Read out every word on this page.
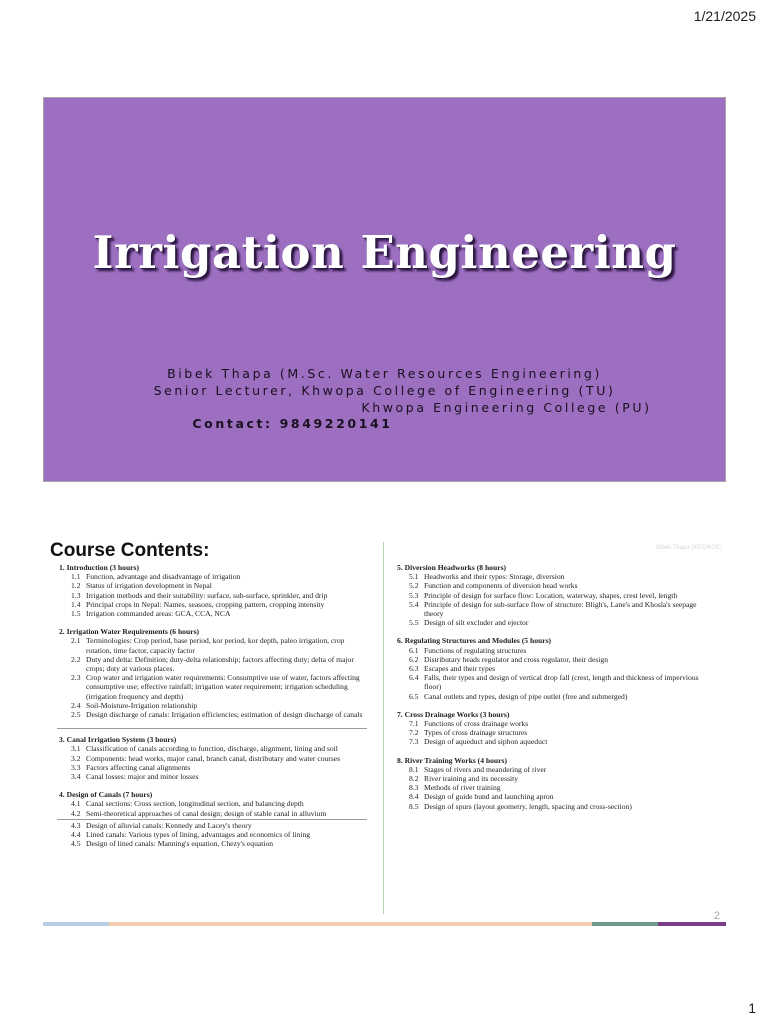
1/21/2025
Irrigation Engineering
Bibek Thapa (M.Sc. Water Resources Engineering)
Senior Lecturer, Khwopa College of Engineering (TU)
Khwopa Engineering College (PU)
Contact: 9849220141
Course Contents:	Bibek Thapa (KEC/KOE)
1. Introduction (3 hours)
1.1 Function, advantage and disadvantage of irrigation
1.2 Status of irrigation development in Nepal
1.3 Irrigation methods and their suitability: surface, sub-surface, sprinkler, and drip
1.4 Principal crops in Nepal: Names, seasons, cropping pattern, cropping intensity
1.5 Irrigation commanded areas: GCA, CCA, NCA
2. Irrigation Water Requirements (6 hours)
2.1 Terminologies: Crop period, base period, kor period, kor depth, paleo irrigation, crop rotation, time factor, capacity factor
2.2 Duty and delta: Definition; duty-delta relationship; factors affecting duty; delta of major crops; duty at various places.
2.3 Crop water and irrigation water requirements: Consumptive use of water, factors affecting consumptive use; effective rainfall; irrigation water requirement; irrigation scheduling (irrigation frequency and depth)
2.4 Soil-Moisture-Irrigation relationship
2.5 Design discharge of canals: Irrigation efficiencies; estimation of design discharge of canals
3. Canal Irrigation System (3 hours)
3.1 Classification of canals according to function, discharge, alignment, lining and soil
3.2 Components: head works, major canal, branch canal, distributary and water courses
3.3 Factors affecting canal alignments
3.4 Canal losses: major and minor losses
4. Design of Canals (7 hours)
4.1 Canal sections: Cross section, longitudinal section, and balancing depth
4.2 Semi-theoretical approaches of canal design; design of stable canal in alluvium
4.3 Design of alluvial canals: Kennedy and Lacey's theory
4.4 Lined canals: Various types of lining, advantages and economics of lining
4.5 Design of lined canals: Manning's equation, Chezy's equation
5. Diversion Headworks (8 hours)
5.1 Headworks and their types: Storage, diversion
5.2 Function and components of diversion head works
5.3 Principle of design for surface flow: Location, waterway, shapes, crest level, length
5.4 Principle of design for sub-surface flow of structure: Bligh's, Lane's and Khosla's seepage theory
5.5 Design of silt excluder and ejector
6. Regulating Structures and Modules (5 hours)
6.1 Functions of regulating structures
6.2 Distributary heads regulator and cross regulator, their design
6.3 Escapes and their types
6.4 Falls, their types and design of vertical drop fall (crest, length and thickness of impervious floor)
6.5 Canal outlets and types, design of pipe outlet (free and submerged)
7. Cross Drainage Works (3 hours)
7.1 Functions of cross drainage works
7.2 Types of cross drainage structures
7.3 Design of aqueduct and siphon aqueduct
8. River Training Works (4 hours)
8.1 Stages of rivers and meandering of river
8.2 River training and its necessity
8.3 Methods of river training
8.4 Design of guide bund and launching apron
8.5 Design of spurs (layout geometry, length, spacing and cross-section)
2
1
